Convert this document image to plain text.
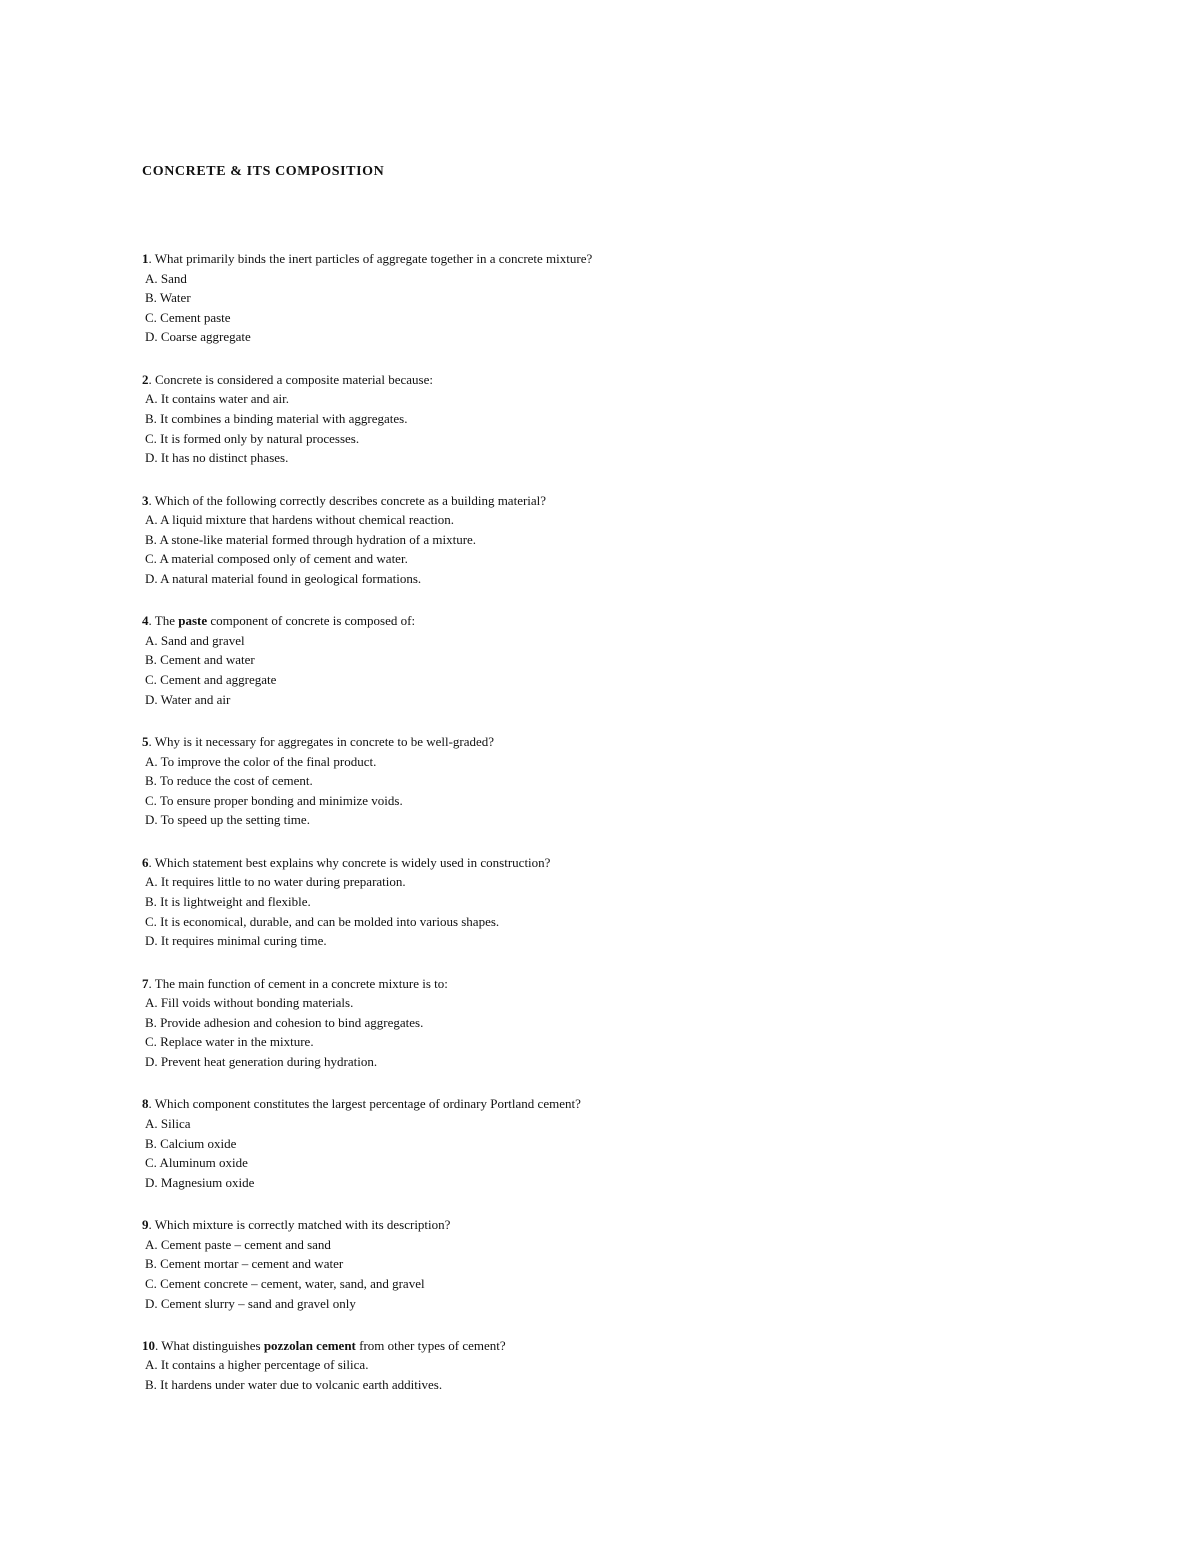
CONCRETE & ITS COMPOSITION
1. What primarily binds the inert particles of aggregate together in a concrete mixture?
A. Sand
B. Water
C. Cement paste
D. Coarse aggregate
2. Concrete is considered a composite material because:
A. It contains water and air.
B. It combines a binding material with aggregates.
C. It is formed only by natural processes.
D. It has no distinct phases.
3. Which of the following correctly describes concrete as a building material?
A. A liquid mixture that hardens without chemical reaction.
B. A stone-like material formed through hydration of a mixture.
C. A material composed only of cement and water.
D. A natural material found in geological formations.
4. The paste component of concrete is composed of:
A. Sand and gravel
B. Cement and water
C. Cement and aggregate
D. Water and air
5. Why is it necessary for aggregates in concrete to be well-graded?
A. To improve the color of the final product.
B. To reduce the cost of cement.
C. To ensure proper bonding and minimize voids.
D. To speed up the setting time.
6. Which statement best explains why concrete is widely used in construction?
A. It requires little to no water during preparation.
B. It is lightweight and flexible.
C. It is economical, durable, and can be molded into various shapes.
D. It requires minimal curing time.
7. The main function of cement in a concrete mixture is to:
A. Fill voids without bonding materials.
B. Provide adhesion and cohesion to bind aggregates.
C. Replace water in the mixture.
D. Prevent heat generation during hydration.
8. Which component constitutes the largest percentage of ordinary Portland cement?
A. Silica
B. Calcium oxide
C. Aluminum oxide
D. Magnesium oxide
9. Which mixture is correctly matched with its description?
A. Cement paste – cement and sand
B. Cement mortar – cement and water
C. Cement concrete – cement, water, sand, and gravel
D. Cement slurry – sand and gravel only
10. What distinguishes pozzolan cement from other types of cement?
A. It contains a higher percentage of silica.
B. It hardens under water due to volcanic earth additives.
